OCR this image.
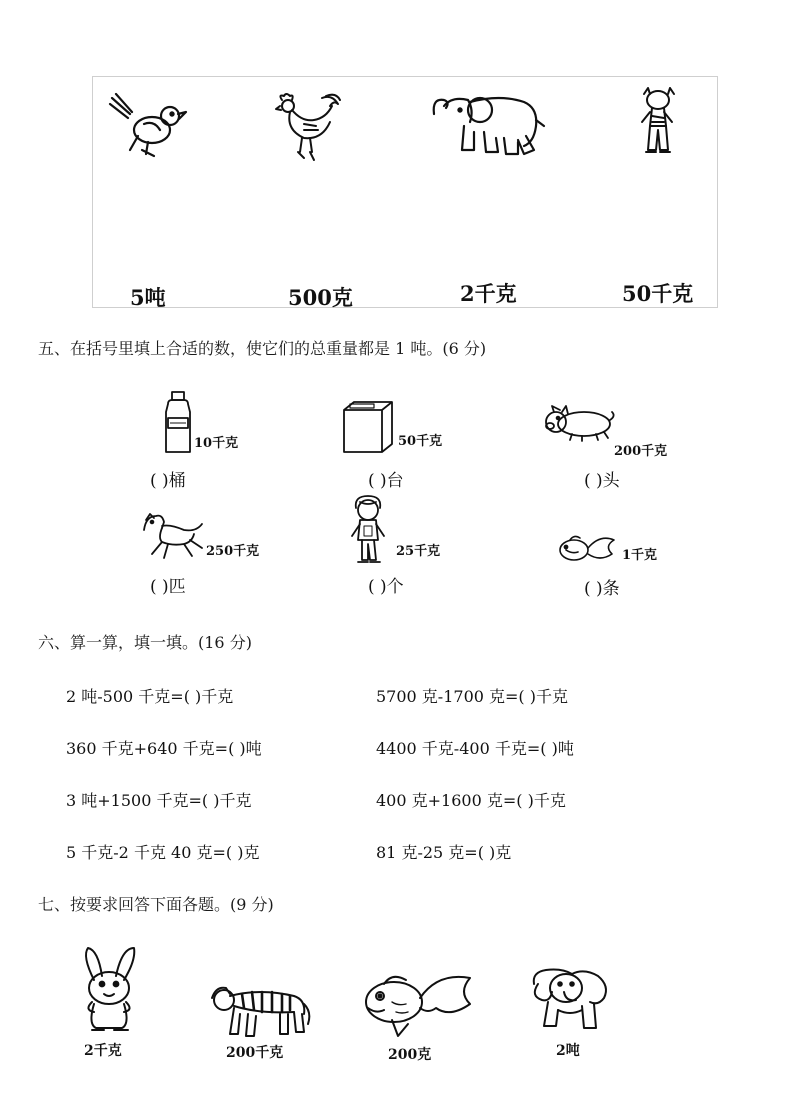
5吨	500克	2千克	50千克
五、在括号里填上合适的数，使它们的总重量都是 1 吨。(6 分)
10千克
( )桶
50千克
( )台
200千克
( )头
250千克
( )匹
25千克
( )个
1千克
( )条
六、算一算，填一填。(16 分)
2 吨-500 千克=( )千克	5700 克-1700 克=( )千克
360 千克+640 千克=( )吨	4400 千克-400 千克=( )吨
3 吨+1500 千克=( )千克	400 克+1600 克=( )千克
5 千克-2 千克 40 克=( )克	81 克-25 克=( )克
七、按要求回答下面各题。(9 分)
2千克	200千克	200克	2吨
